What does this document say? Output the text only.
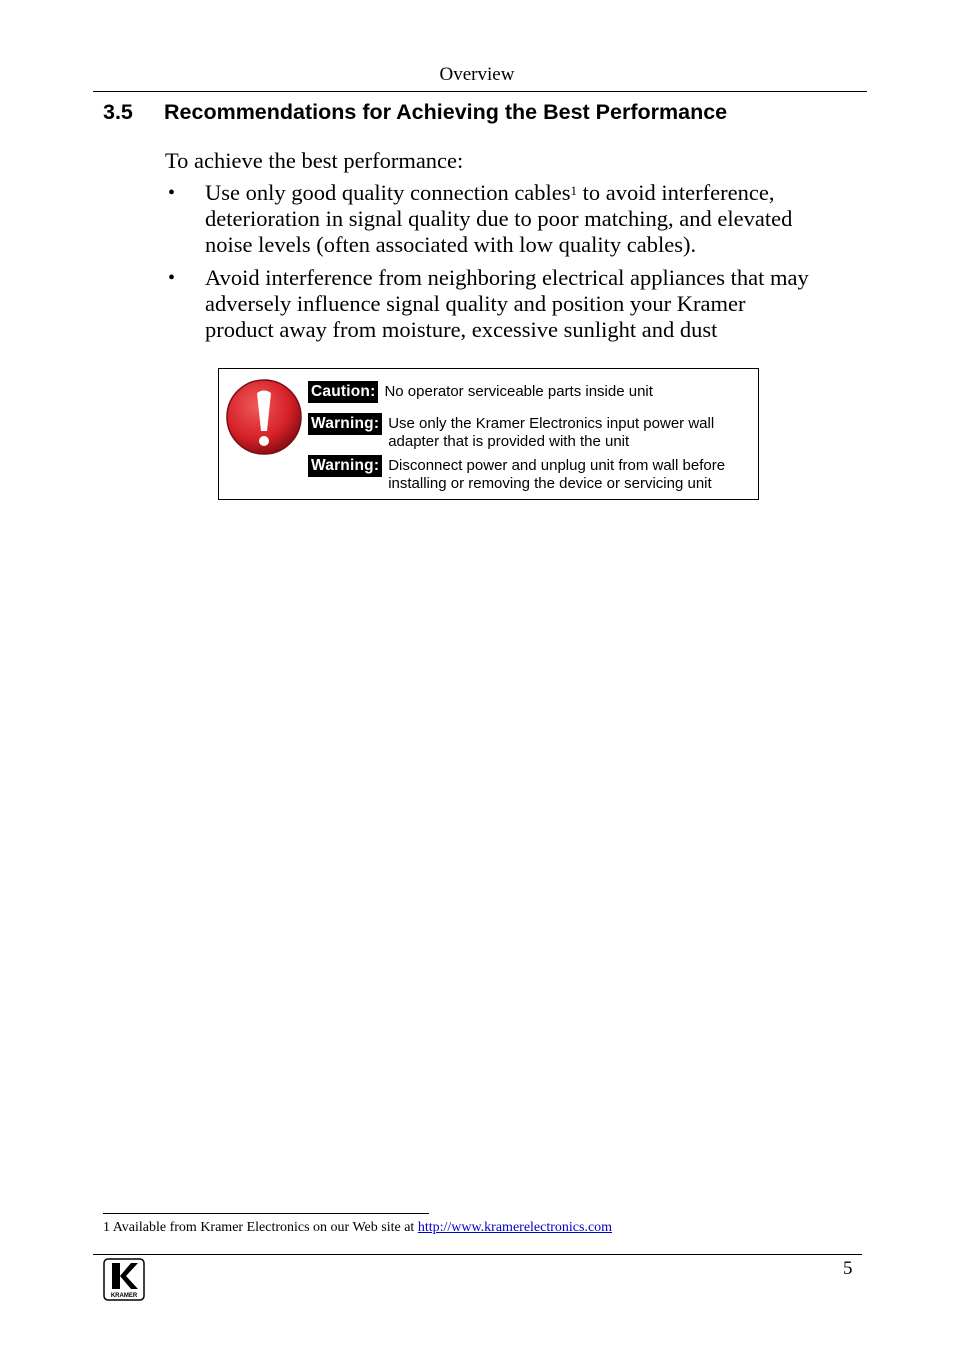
Overview
3.5 Recommendations for Achieving the Best Performance
To achieve the best performance:
• Use only good quality connection cables$^1$ to avoid interference, deterioration in signal quality due to poor matching, and elevated noise levels (often associated with low quality cables).
• Avoid interference from neighboring electrical appliances that may adversely influence signal quality and position your Kramer product away from moisture, excessive sunlight and dust
Caution: No operator serviceable parts inside unit
Warning: Use only the Kramer Electronics input power wall
adapter that is provided with the unit
Warning: Disconnect power and unplug unit from wall before
installing or removing the device or servicing unit
1 Available from Kramer Electronics on our Web site at http://www.kramerelectronics.com
KRAMER
5
